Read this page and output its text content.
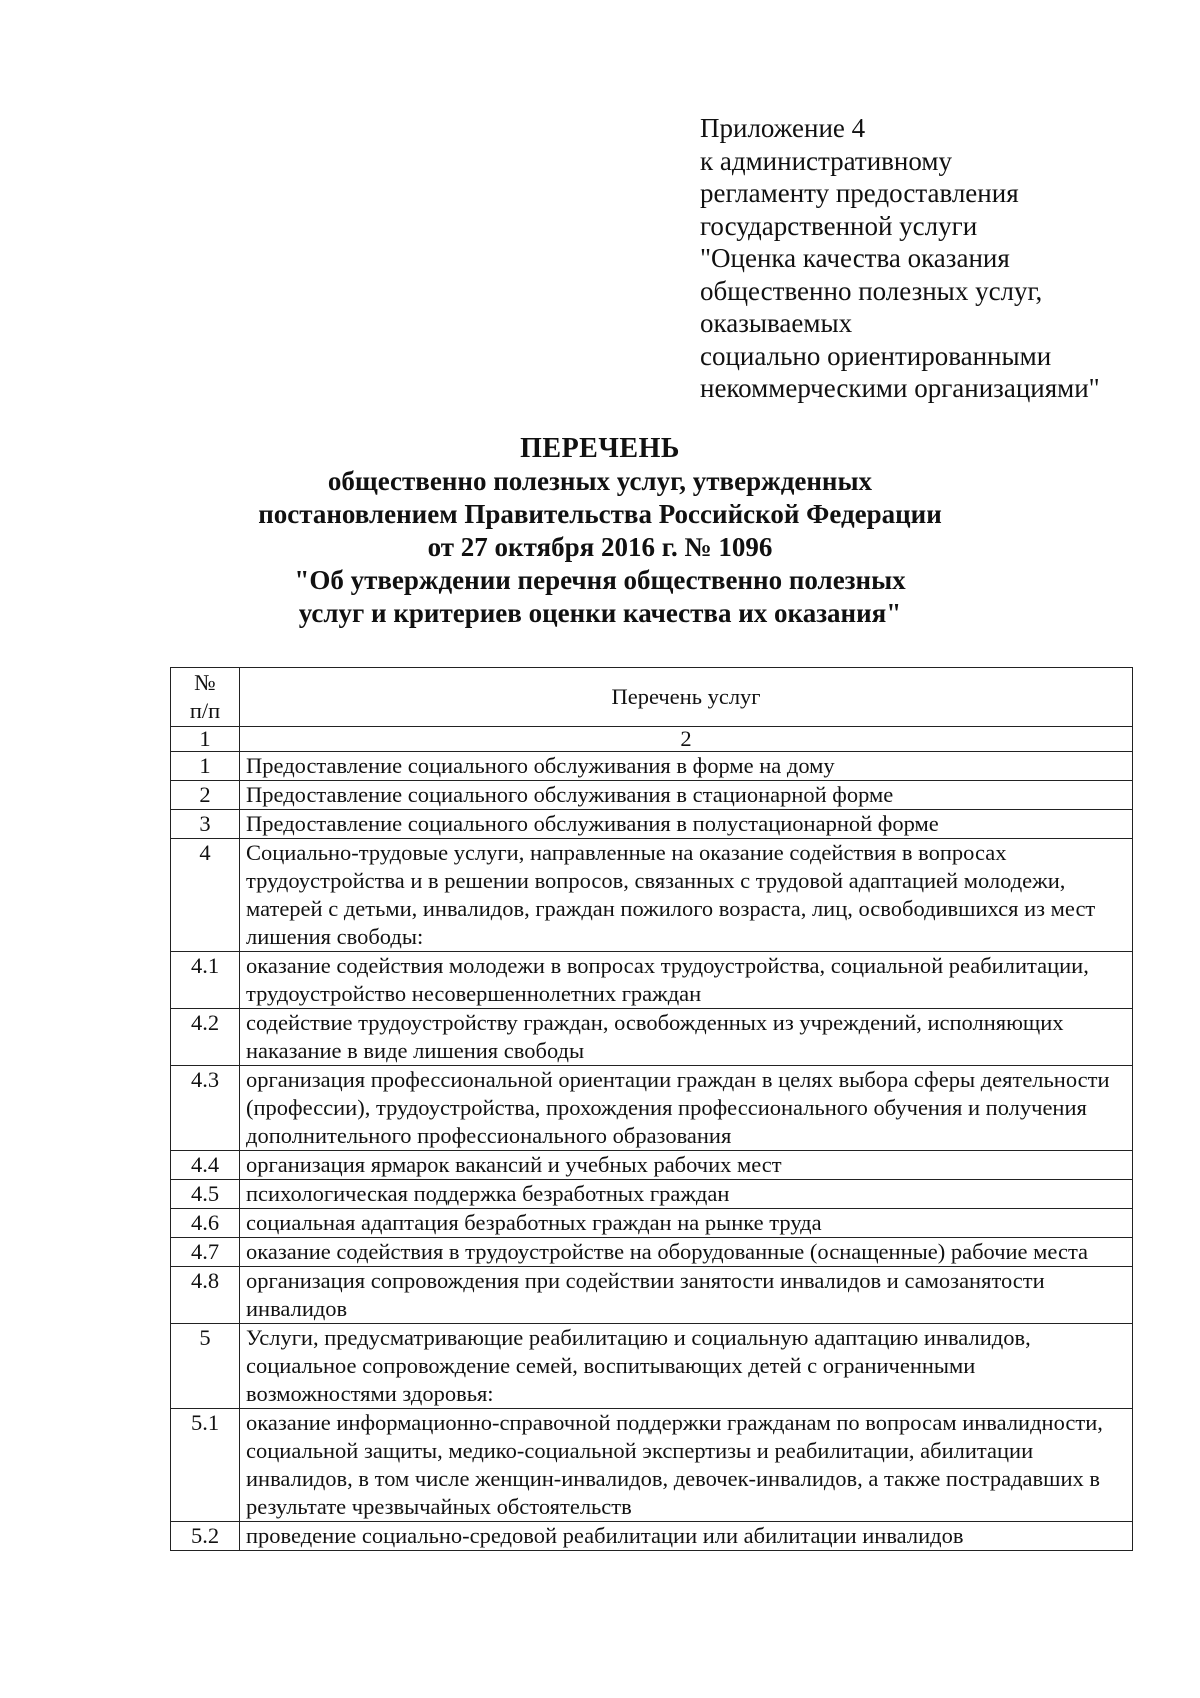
Приложение 4
к административному
регламенту предоставления
государственной услуги
"Оценка качества оказания
общественно полезных услуг,
оказываемых
социально ориентированными
некоммерческими организациями"
ПЕРЕЧЕНЬ
общественно полезных услуг, утвержденных
постановлением Правительства Российской Федерации
от 27 октября 2016 г. № 1096
"Об утверждении перечня общественно полезных
услуг и критериев оценки качества их оказания"
№
п/п	Перечень услуг
1	2
1	Предоставление социального обслуживания в форме на дому
2	Предоставление социального обслуживания в стационарной форме
3	Предоставление социального обслуживания в полустационарной форме
4	Социально-трудовые услуги, направленные на оказание содействия в вопросах трудоустройства и в решении вопросов, связанных с трудовой адаптацией молодежи, матерей с детьми, инвалидов, граждан пожилого возраста, лиц, освободившихся из мест лишения свободы:
4.1	оказание содействия молодежи в вопросах трудоустройства, социальной реабилитации, трудоустройство несовершеннолетних граждан
4.2	содействие трудоустройству граждан, освобожденных из учреждений, исполняющих наказание в виде лишения свободы
4.3	организация профессиональной ориентации граждан в целях выбора сферы деятельности (профессии), трудоустройства, прохождения профессионального обучения и получения дополнительного профессионального образования
4.4	организация ярмарок вакансий и учебных рабочих мест
4.5	психологическая поддержка безработных граждан
4.6	социальная адаптация безработных граждан на рынке труда
4.7	оказание содействия в трудоустройстве на оборудованные (оснащенные) рабочие места
4.8	организация сопровождения при содействии занятости инвалидов и самозанятости инвалидов
5	Услуги, предусматривающие реабилитацию и социальную адаптацию инвалидов, социальное сопровождение семей, воспитывающих детей с ограниченными возможностями здоровья:
5.1	оказание информационно-справочной поддержки гражданам по вопросам инвалидности, социальной защиты, медико-социальной экспертизы и реабилитации, абилитации инвалидов, в том числе женщин-инвалидов, девочек-инвалидов, а также пострадавших в результате чрезвычайных обстоятельств
5.2	проведение социально-средовой реабилитации или абилитации инвалидов
